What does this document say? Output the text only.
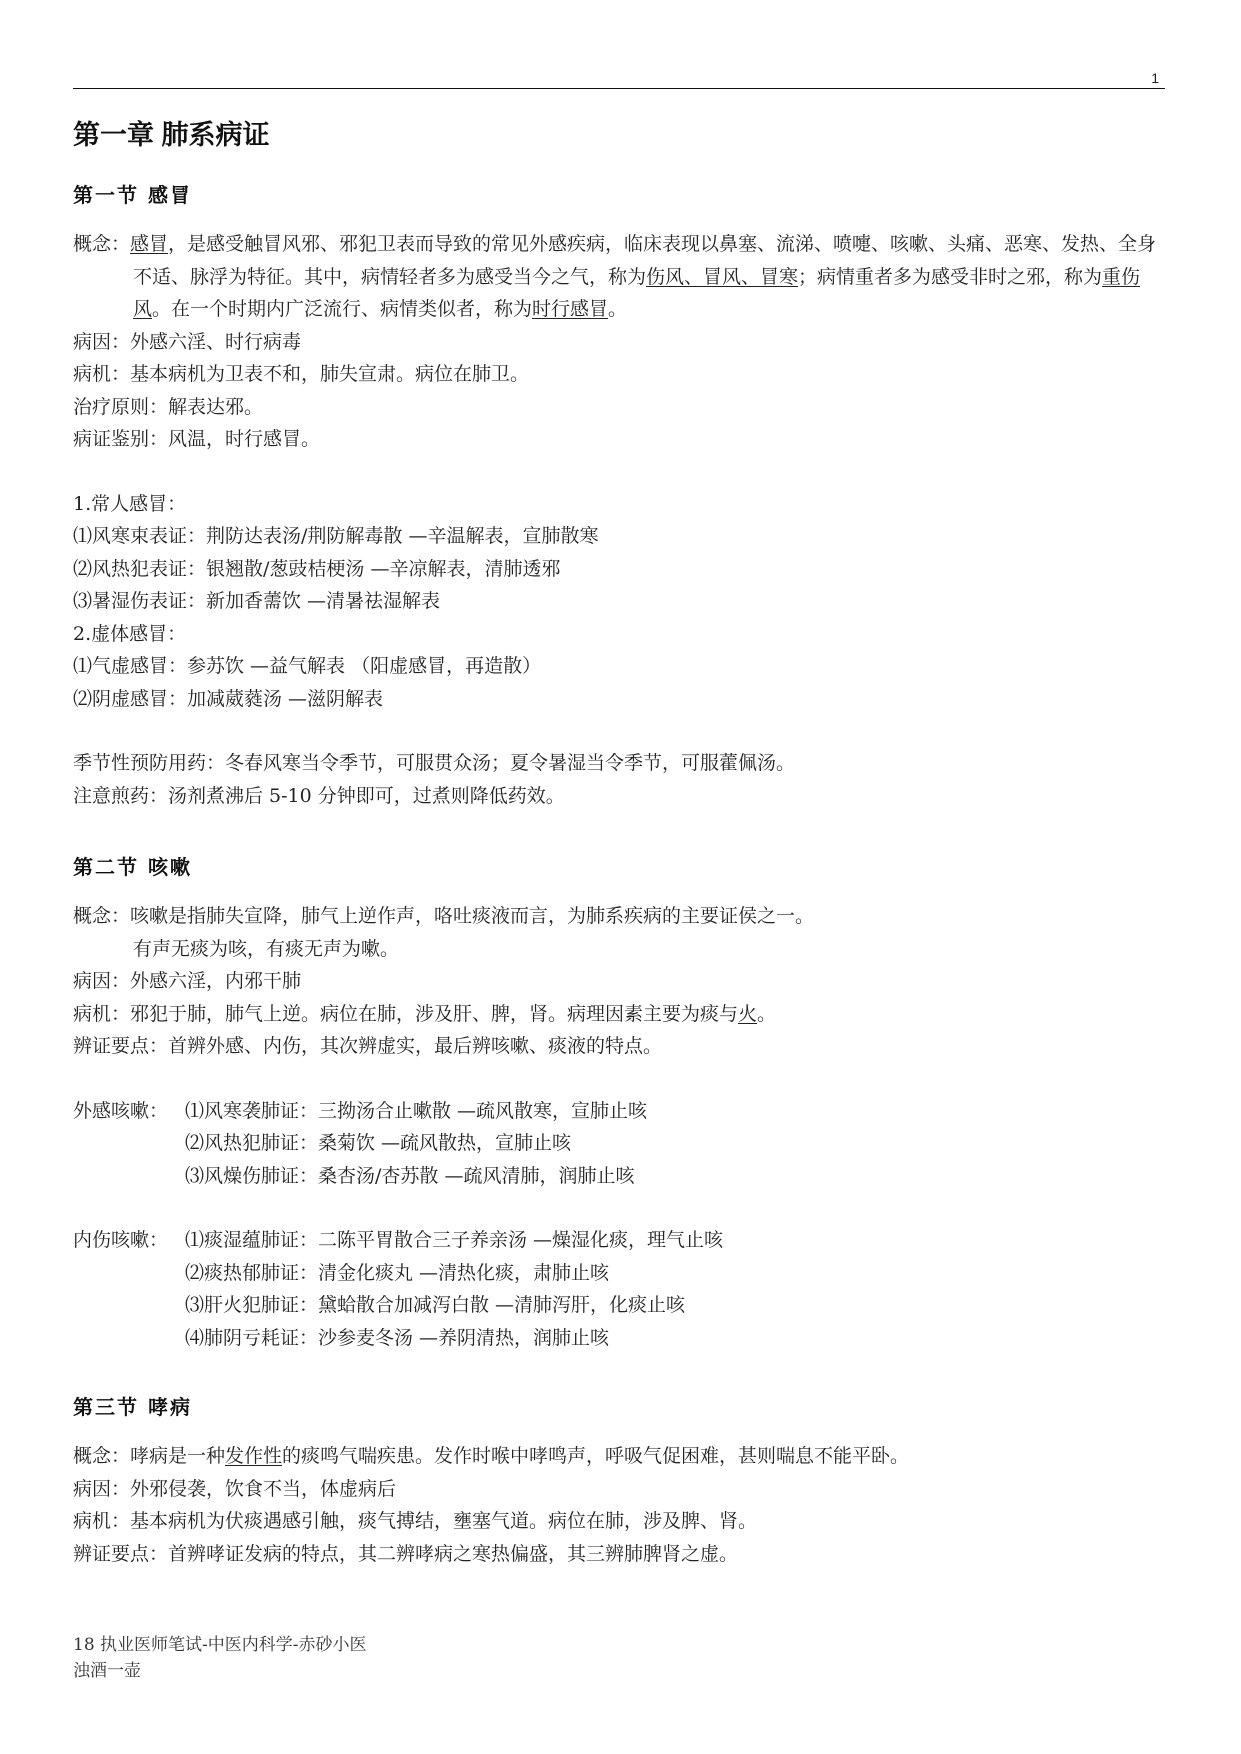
1
第一章 肺系病证
第一节 感冒

概念：感冒，是感受触冒风邪、邪犯卫表而导致的常见外感疾病，临床表现以鼻塞、流涕、喷嚏、咳嗽、头痛、恶寒、发热、全身不适、脉浮为特征。其中，病情轻者多为感受当今之气，称为伤风、冒风、冒寒；病情重者多为感受非时之邪，称为重伤风。在一个时期内广泛流行、病情类似者，称为时行感冒。

病因：外感六淫、时行病毒

病机：基本病机为卫表不和，肺失宣肃。病位在肺卫。

治疗原则：解表达邪。

病证鉴别：风温，时行感冒。

1.常人感冒：

⑴风寒束表证：荆防达表汤/荆防解毒散 —辛温解表，宣肺散寒

⑵风热犯表证：银翘散/葱豉桔梗汤 —辛凉解表，清肺透邪

⑶暑湿伤表证：新加香薷饮 —清暑祛湿解表

2.虚体感冒：

⑴气虚感冒：参苏饮 —益气解表 （阳虚感冒，再造散）

⑵阴虚感冒：加减葳蕤汤 —滋阴解表

季节性预防用药：冬春风寒当令季节，可服贯众汤；夏令暑湿当令季节，可服藿佩汤。

注意煎药：汤剂煮沸后 5-10 分钟即可，过煮则降低药效。

第二节 咳嗽

概念：咳嗽是指肺失宣降，肺气上逆作声，咯吐痰液而言，为肺系疾病的主要证侯之一。

有声无痰为咳，有痰无声为嗽。

病因：外感六淫，内邪干肺

病机：邪犯于肺，肺气上逆。病位在肺，涉及肝、脾，肾。病理因素主要为痰与火。

辨证要点：首辨外感、内伤，其次辨虚实，最后辨咳嗽、痰液的特点。

外感咳嗽： ⑴风寒袭肺证：三拗汤合止嗽散 —疏风散寒，宣肺止咳
⑵风热犯肺证：桑菊饮 —疏风散热，宣肺止咳
⑶风燥伤肺证：桑杏汤/杏苏散 —疏风清肺，润肺止咳
内伤咳嗽： ⑴痰湿蕴肺证：二陈平胃散合三子养亲汤 —燥湿化痰，理气止咳
⑵痰热郁肺证：清金化痰丸 —清热化痰，肃肺止咳
⑶肝火犯肺证：黛蛤散合加减泻白散 —清肺泻肝，化痰止咳
⑷肺阴亏耗证：沙参麦冬汤 —养阴清热，润肺止咳
第三节 哮病

概念：哮病是一种发作性的痰鸣气喘疾患。发作时喉中哮鸣声，呼吸气促困难，甚则喘息不能平卧。

病因：外邪侵袭，饮食不当，体虚病后

病机：基本病机为伏痰遇感引触，痰气搏结，壅塞气道。病位在肺，涉及脾、肾。

辨证要点：首辨哮证发病的特点，其二辨哮病之寒热偏盛，其三辨肺脾肾之虚。

18 执业医师笔试-中医内科学-赤砂小医
浊酒一壶
